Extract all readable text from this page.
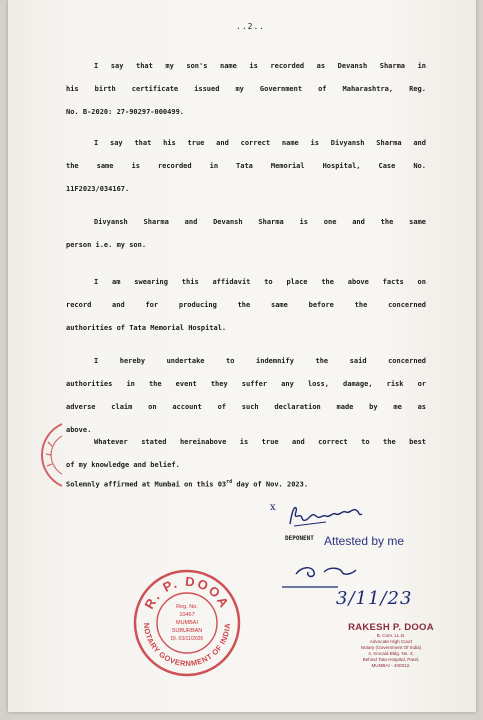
..2..
I say that my son's name is recorded as Devansh Sharma in
his birth certificate issued my Government of Maharashtra, Reg.
No. B-2020: 27-90297-000499.
I say that his true and correct name is Divyansh Sharma and
the same is recorded in Tata Memorial Hospital, Case No.
11F2023/034167.
Divyansh Sharma and Devansh Sharma is one and the same
person i.e. my son.
I am swearing this affidavit to place the above facts on
record and for producing the same before the concerned
authorities of Tata Memorial Hospital.
I hereby undertake to indemnify the said concerned
authorities in the event they suffer any loss, damage, risk or
adverse claim on account of such declaration made by me as
above.
Whatever stated hereinabove is true and correct to the best
of my knowledge and belief.
Solemnly affirmed at Mumbai on this 03rd day of Nov. 2023.
x
DEPONENT Attested by me
3/11/23
R. P. DOOA
NOTARY GOVERNMENT OF INDIA
Reg. No.
10467
MUMBAI
SUBURBAN
Dt. 03/11/2026
RAKESH P. DOOA
B. Com. LL.B.
Advocate High Court
Notary (Government Of India)
4, Kincaid Bldg. No. 3,
Behind Tata Hospital, Parel,
MUMBAI - 400012.
